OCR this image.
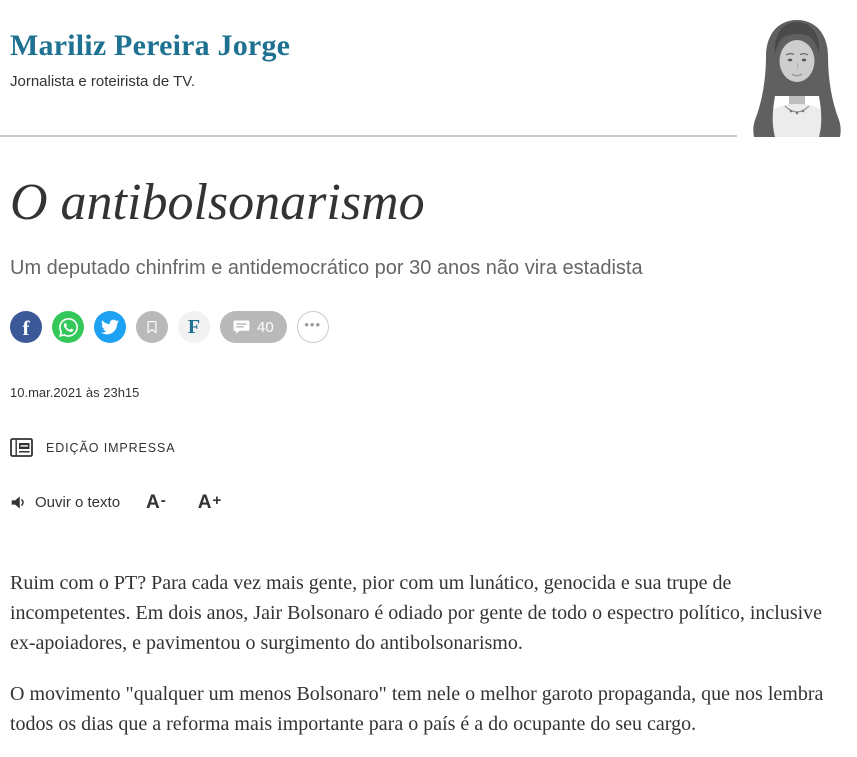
Mariliz Pereira Jorge

Jornalista e roteirista de TV.

O antibolsonarismo

Um deputado chinfrim e antidemocrático por 30 anos não vira estadista

f	F	40 •••
10.mar.2021 às 23h15
EDIÇÃO IMPRESSA
Ouvir o texto A- A+

Ruim com o PT? Para cada vez mais gente, pior com um lunático, genocida e sua trupe de incompetentes. Em dois anos, Jair Bolsonaro é odiado por gente de todo o espectro político, inclusive ex-apoiadores, e pavimentou o surgimento do antibolsonarismo.

O movimento "qualquer um menos Bolsonaro" tem nele o melhor garoto propaganda, que nos lembra todos os dias que a reforma mais importante para o país é a do ocupante do seu cargo.
